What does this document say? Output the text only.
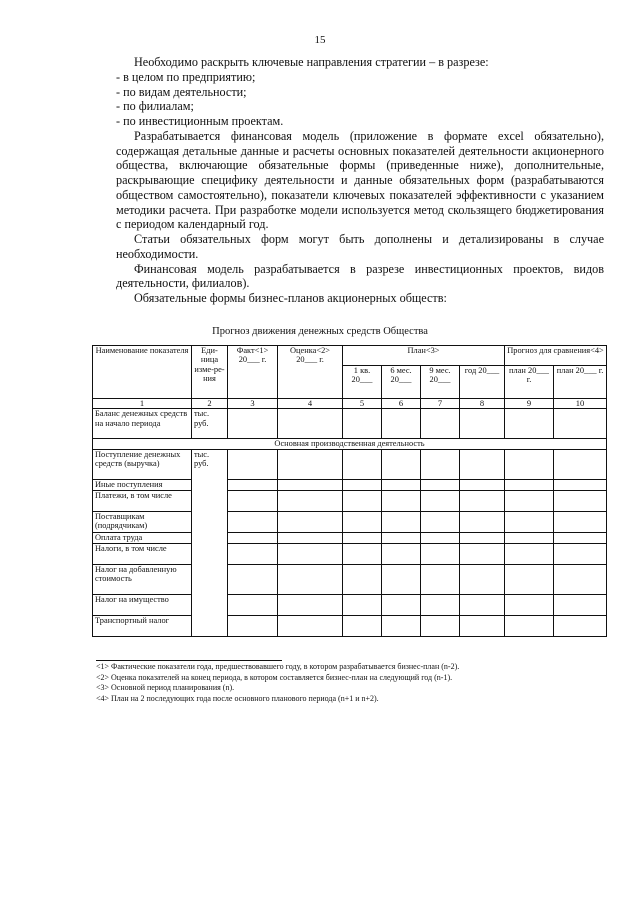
15

Необходимо раскрыть ключевые направления стратегии – в разрезе:

- в целом по предприятию;

- по видам деятельности;

- по филиалам;

- по инвестиционным проектам.

Разрабатывается финансовая модель (приложение в формате excel обязательно), содержащая детальные данные и расчеты основных показателей деятельности акционерного общества, включающие обязательные формы (приведенные ниже), дополнительные, раскрывающие специфику деятельности и данные обязательных форм (разрабатываются обществом самостоятельно), показатели ключевых показателей эффективности с указанием методики расчета. При разработке модели используется метод скользящего бюджетирования с периодом календарный год.

Статьи обязательных форм могут быть дополнены и детализированы в случае необходимости.

Финансовая модель разрабатывается в разрезе инвестиционных проектов, видов деятельности, филиалов).

Обязательные формы бизнес-планов акционерных обществ:

Прогноз движения денежных средств Общества
Наименование показателя	Еди-ница изме-ре-ния	Факт<1> 20___ г.	Оценка<2> 20___ г.	План<3>				Прогноз для сравнения<4>	
				1 кв. 20___	6 мес. 20___	9 мес. 20___	год 20___	план 20___ г.	план 20___ г.
1	2	3	4	5	6	7	8	9	10
Баланс денежных средств на начало периода	тыс. руб.								
Основная производственная деятельность									
Поступление денежных средств (выручка)	тыс. руб.								
Иные поступления									
Платежи, в том числе									
Поставщикам (подрядчикам)									
Оплата труда									
Налоги, в том числе									
Налог на добавленную стоимость									
Налог на имущество									
Транспортный налог									

<1> Фактические показатели года, предшествовавшего году, в котором разрабатывается бизнес-план (n-2).

<2> Оценка показателей на конец периода, в котором составляется бизнес-план на следующий год (n-1).

<3> Основной период планирования (n).

<4> План на 2 последующих года после основного планового периода (n+1 и n+2).
